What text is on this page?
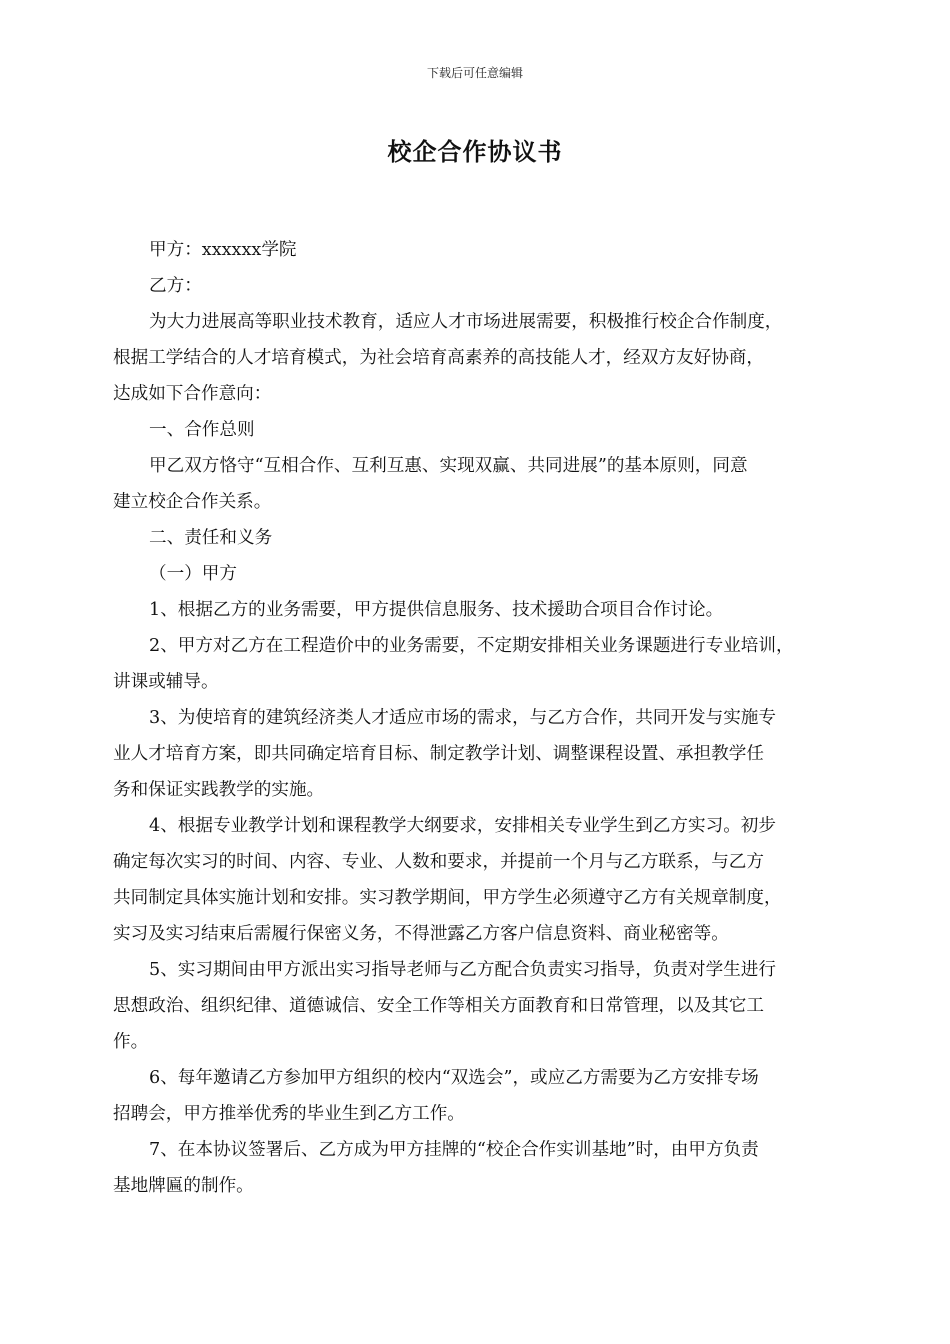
下载后可任意编辑
校企合作协议书
甲方：xxxxxx学院
乙方：
为大力进展高等职业技术教育，适应人才市场进展需要，积极推行校企合作制度，
根据工学结合的人才培育模式，为社会培育高素养的高技能人才，经双方友好协商，
达成如下合作意向：
一、合作总则
甲乙双方恪守“互相合作、互利互惠、实现双赢、共同进展”的基本原则，同意
建立校企合作关系。
二、责任和义务
（一）甲方
1、根据乙方的业务需要，甲方提供信息服务、技术援助合项目合作讨论。
2、甲方对乙方在工程造价中的业务需要，不定期安排相关业务课题进行专业培训，
讲课或辅导。
3、为使培育的建筑经济类人才适应市场的需求，与乙方合作，共同开发与实施专
业人才培育方案，即共同确定培育目标、制定教学计划、调整课程设置、承担教学任
务和保证实践教学的实施。
4、根据专业教学计划和课程教学大纲要求，安排相关专业学生到乙方实习。初步
确定每次实习的时间、内容、专业、人数和要求，并提前一个月与乙方联系，与乙方
共同制定具体实施计划和安排。实习教学期间，甲方学生必须遵守乙方有关规章制度，
实习及实习结束后需履行保密义务，不得泄露乙方客户信息资料、商业秘密等。
5、实习期间由甲方派出实习指导老师与乙方配合负责实习指导，负责对学生进行
思想政治、组织纪律、道德诚信、安全工作等相关方面教育和日常管理，以及其它工
作。
6、每年邀请乙方参加甲方组织的校内“双选会”，或应乙方需要为乙方安排专场
招聘会，甲方推举优秀的毕业生到乙方工作。
7、在本协议签署后、乙方成为甲方挂牌的“校企合作实训基地”时，由甲方负责
基地牌匾的制作。
